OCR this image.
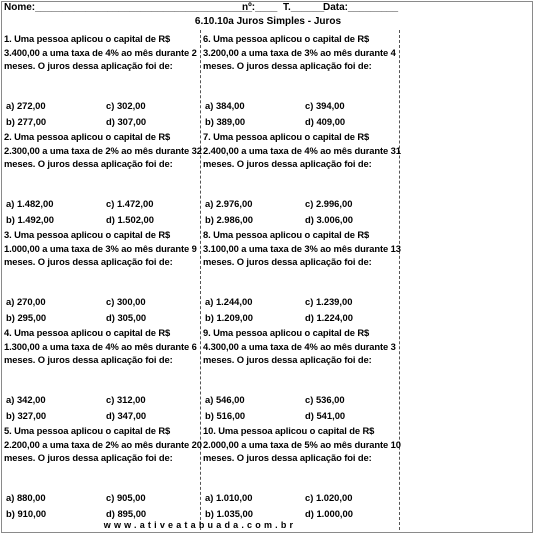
Nome:_______________________________________
nº:____ T.______
Data:_________
6.10.10a Juros Simples - Juros
1. Uma pessoa aplicou o capital de R$ 3.400,00 a uma taxa de 4% ao mês durante 2 meses. O juros dessa aplicação foi de:
a) 272,00	c) 302,00
b) 277,00	d) 307,00
2. Uma pessoa aplicou o capital de R$ 2.300,00 a uma taxa de 2% ao mês durante 32 meses. O juros dessa aplicação foi de:
a) 1.482,00	c) 1.472,00
b) 1.492,00	d) 1.502,00
3. Uma pessoa aplicou o capital de R$ 1.000,00 a uma taxa de 3% ao mês durante 9 meses. O juros dessa aplicação foi de:
a) 270,00	c) 300,00
b) 295,00	d) 305,00
4. Uma pessoa aplicou o capital de R$ 1.300,00 a uma taxa de 4% ao mês durante 6 meses. O juros dessa aplicação foi de:
a) 342,00	c) 312,00
b) 327,00	d) 347,00
5. Uma pessoa aplicou o capital de R$ 2.200,00 a uma taxa de 2% ao mês durante 20 meses. O juros dessa aplicação foi de:
a) 880,00	c) 905,00
b) 910,00	d) 895,00
6. Uma pessoa aplicou o capital de R$ 3.200,00 a uma taxa de 3% ao mês durante 4 meses. O juros dessa aplicação foi de:
a) 384,00	c) 394,00
b) 389,00	d) 409,00
7. Uma pessoa aplicou o capital de R$ 2.400,00 a uma taxa de 4% ao mês durante 31 meses. O juros dessa aplicação foi de:
a) 2.976,00	c) 2.996,00
b) 2.986,00	d) 3.006,00
8. Uma pessoa aplicou o capital de R$ 3.100,00 a uma taxa de 3% ao mês durante 13 meses. O juros dessa aplicação foi de:
a) 1.244,00	c) 1.239,00
b) 1.209,00	d) 1.224,00
9. Uma pessoa aplicou o capital de R$ 4.300,00 a uma taxa de 4% ao mês durante 3 meses. O juros dessa aplicação foi de:
a) 546,00	c) 536,00
b) 516,00	d) 541,00
10. Uma pessoa aplicou o capital de R$ 2.000,00 a uma taxa de 5% ao mês durante 10 meses. O juros dessa aplicação foi de:
a) 1.010,00	c) 1.020,00
b) 1.035,00	d) 1.000,00
www.ativeatabuada.com.br
